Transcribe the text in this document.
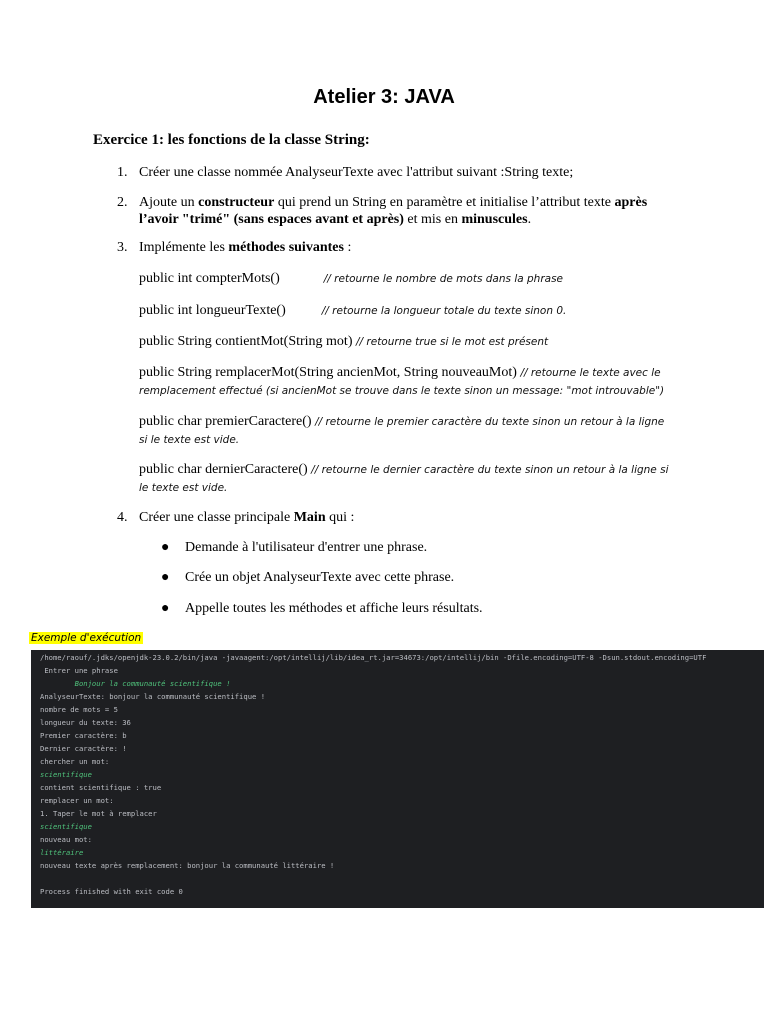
Atelier 3: JAVA
Exercice 1: les fonctions de la classe String:
1. Créer une classe nommée AnalyseurTexte avec l'attribut suivant :String texte;
2. Ajoute un constructeur qui prend un String en paramètre et initialise l’attribut texte après l’avoir "trimé" (sans espaces avant et après) et mis en minuscules.
3. Implémente les méthodes suivantes :
public int compterMots()	// retourne le nombre de mots dans la phrase
public int longueurTexte()	// retourne la longueur totale du texte sinon 0.
public String contientMot(String mot) // retourne true si le mot est présent
public String remplacerMot(String ancienMot, String nouveauMot) // retourne le texte avec le remplacement effectué (si ancienMot se trouve dans le texte sinon un message: "mot introuvable")
public char premierCaractere() // retourne le premier caractère du texte sinon un retour à la ligne si le texte est vide.
public char dernierCaractere() // retourne le dernier caractère du texte sinon un retour à la ligne si le texte est vide.
4. Créer une classe principale Main qui :
● Demande à l'utilisateur d'entrer une phrase.
● Crée un objet AnalyseurTexte avec cette phrase.
● Appelle toutes les méthodes et affiche leurs résultats.
Exemple d'exécution
/home/raouf/.jdks/openjdk-23.0.2/bin/java -javaagent:/opt/intellij/lib/idea_rt.jar=34673:/opt/intellij/bin -Dfile.encoding=UTF-8 -Dsun.stdout.encoding=UTF
Entrer une phrase
Bonjour la communauté scientifique !
AnalyseurTexte: bonjour la communauté scientifique !
nombre de mots = 5
longueur du texte: 36
Premier caractère: b
Dernier caractère: !
chercher un mot:
scientifique
contient scientifique : true
remplacer un mot:
1. Taper le mot à remplacer
scientifique
nouveau mot:
littéraire
nouveau texte après remplacement: bonjour la communauté littéraire !
Process finished with exit code 0
